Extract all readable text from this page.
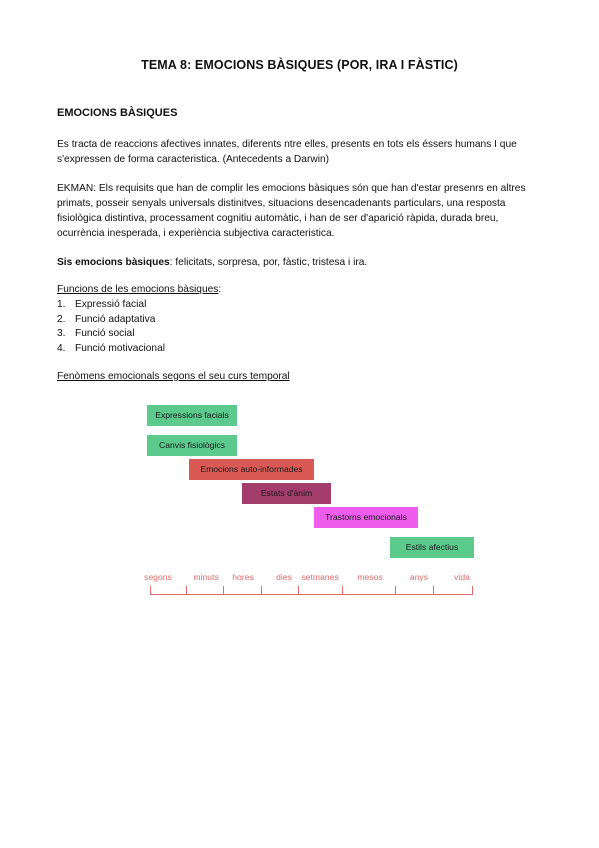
TEMA 8: EMOCIONS BÀSIQUES (POR, IRA I FÀSTIC)
EMOCIONS BÀSIQUES

Es tracta de reaccions afectives innates, diferents ntre elles, presents en tots els éssers humans I que s'expressen de forma caracteristica. (Antecedents a Darwin)

EKMAN: Els requisits que han de complir les emocions bàsiques són que han d'estar presenrs en altres primats, posseir senyals universals distinitves, situacions desencadenants particulars, una resposta fisiològica distintiva, processament cognitiu automàtic, i han de ser d'aparició ràpida, durada breu, ocurrència inesperada, i experiència subjectiva caracteristica.

Sis emocions bàsiques: felicitats, sorpresa, por, fàstic, tristesa i ira.

Funcions de les emocions bàsiques:
1. Expressió facial
2. Funció adaptativa
3. Funció social
4. Funció motivacional
Fenòmens emocionals segons el seu curs temporal
Expressions facials
Canvis fisiològics
Emocions auto-informades
Estats d'ànim
Trastorns emocionals
Estils afectius
segons minuts hores	dies setmanes mesos	anys	vida
